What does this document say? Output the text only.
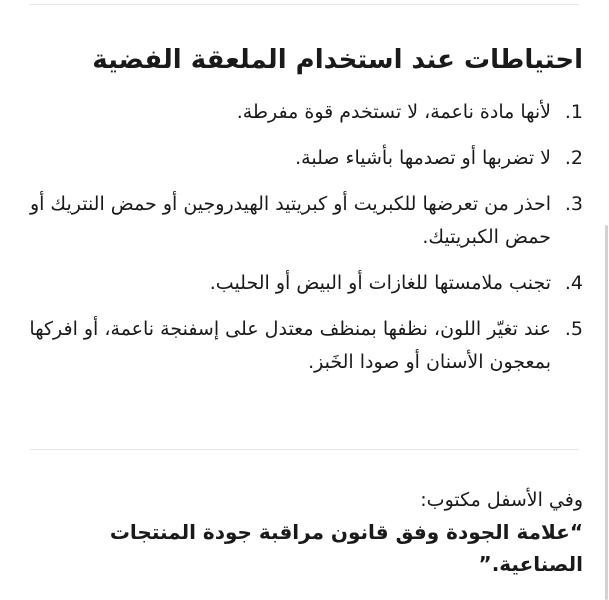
احتياطات عند استخدام الملعقة الفضية
1.
لأنها مادة ناعمة، لا تستخدم قوة مفرطة.
2.
لا تضربها أو تصدمها بأشياء صلبة.
3.
احذر من تعرضها للكبريت أو كبريتيد الهيدروجين أو حمض النتريك أو حمض الكبريتيك.
4.
تجنب ملامستها للغازات أو البيض أو الحليب.
5.
عند تغيّر اللون، نظفها بمنظف معتدل على إسفنجة ناعمة، أو افركها بمعجون الأسنان أو صودا الخَبز.
وفي الأسفل مكتوب:
“علامة الجودة وفق قانون مراقبة جودة المنتجات الصناعية.”
